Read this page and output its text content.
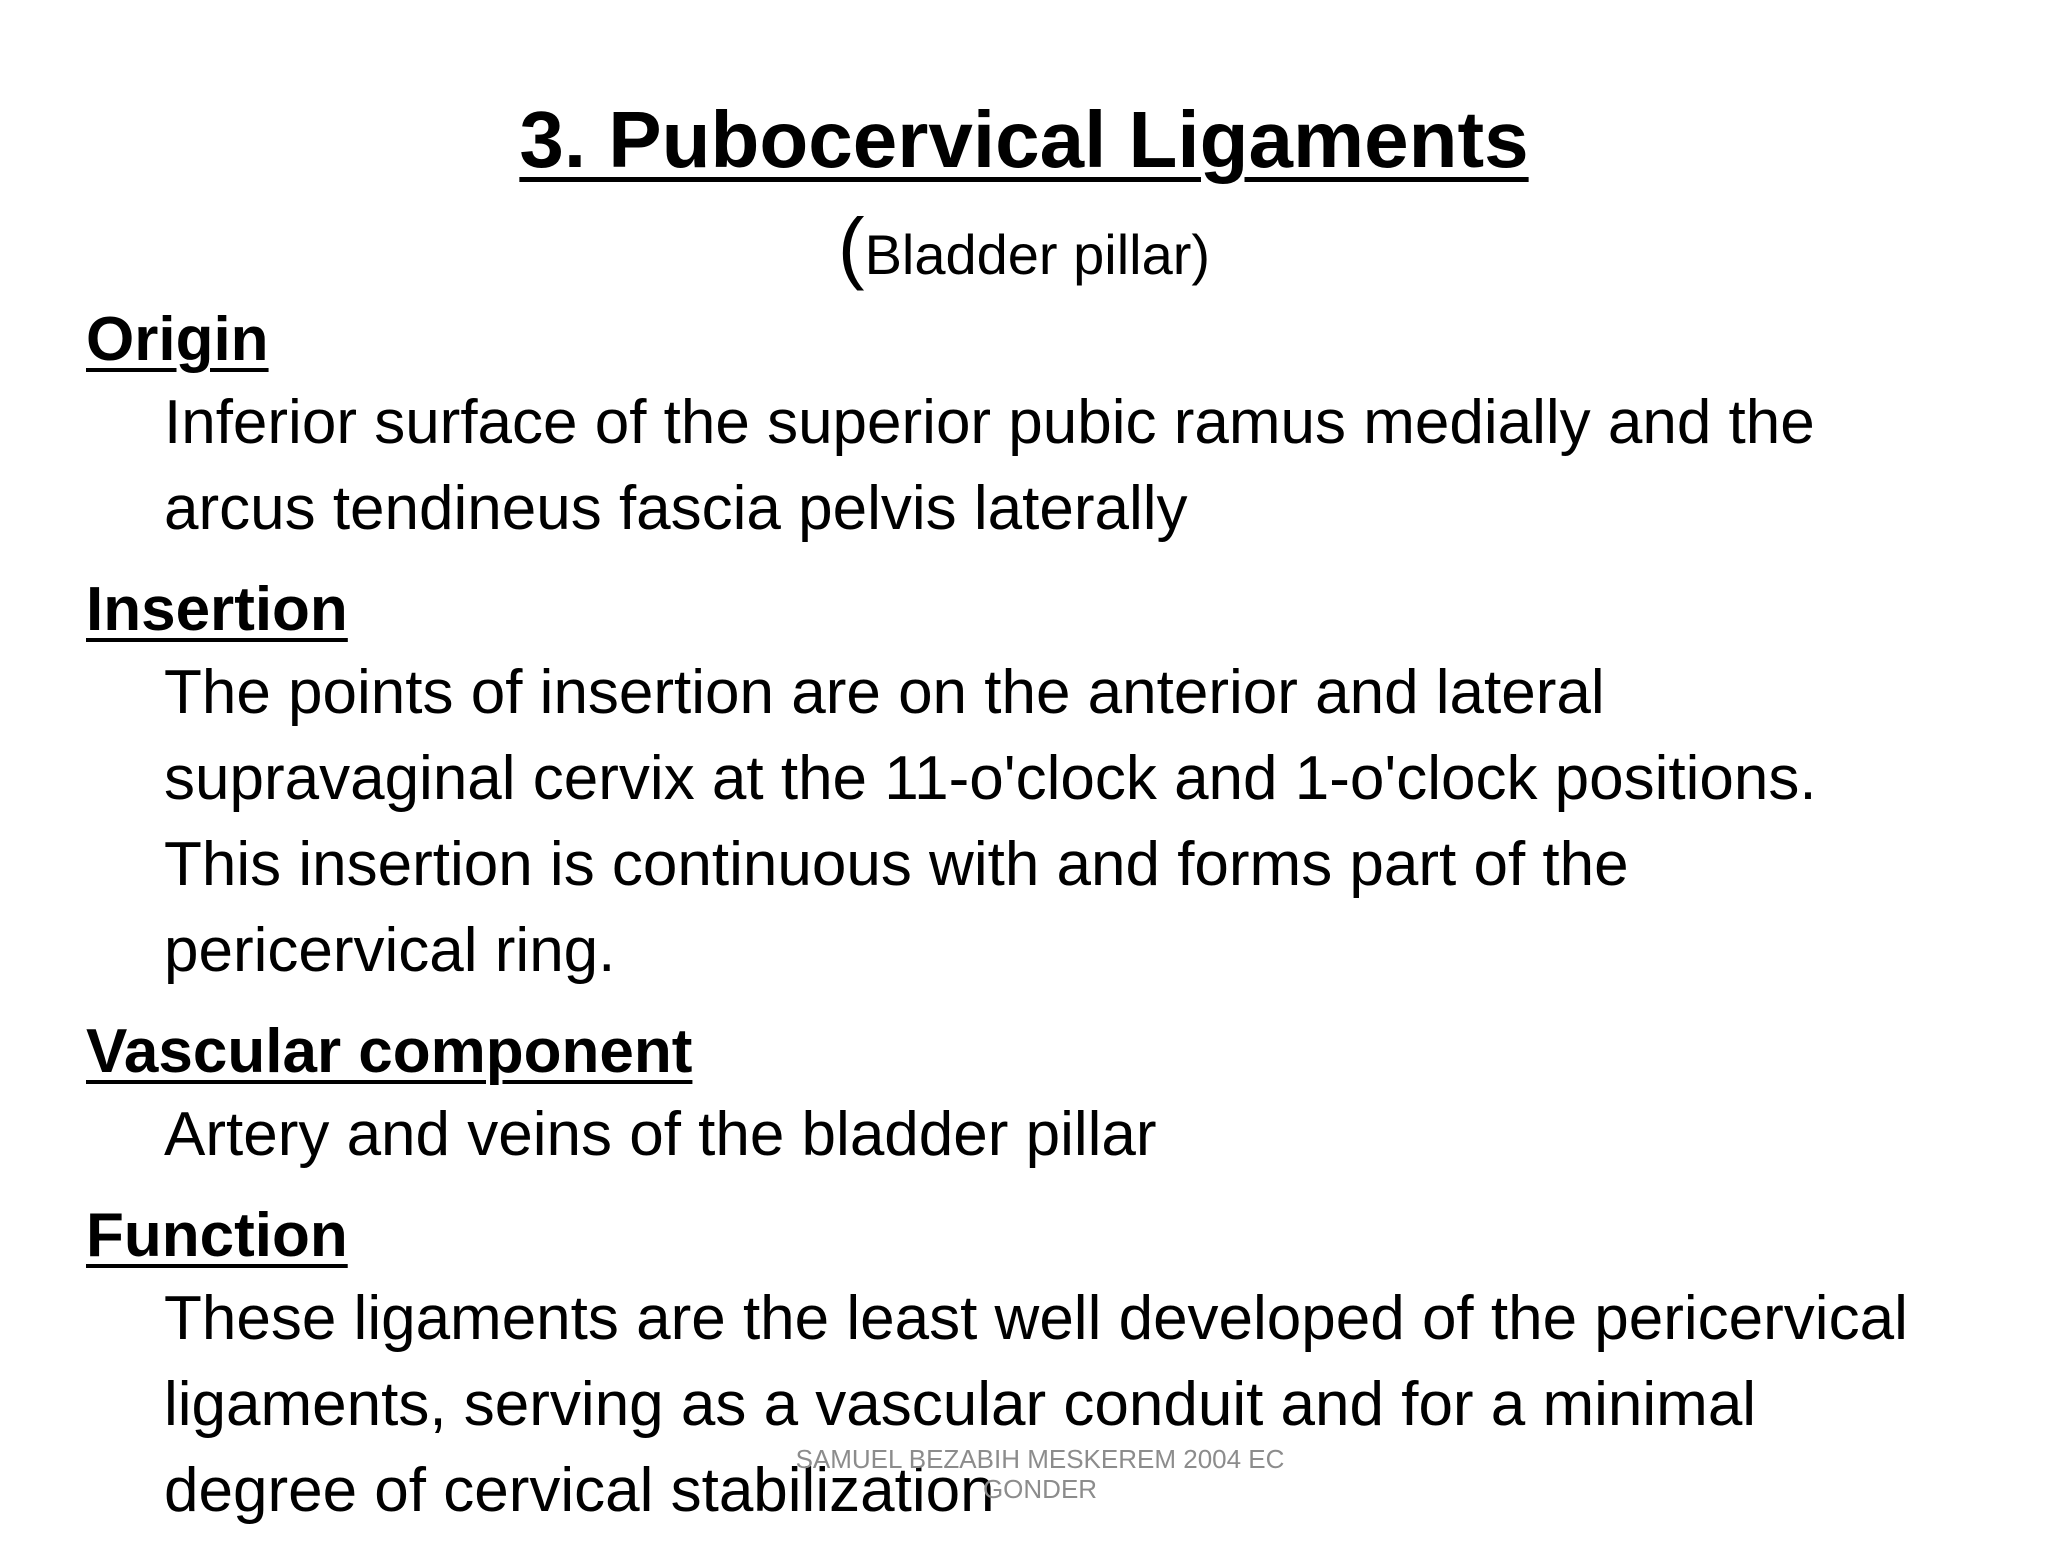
3. Pubocervical Ligaments

(Bladder pillar)

Origin

Inferior surface of the superior pubic ramus medially and the arcus tendineus fascia pelvis laterally

Insertion

The points of insertion are on the anterior and lateral supravaginal cervix at the 11-o'clock and 1-o'clock positions. This insertion is continuous with and forms part of the pericervical ring.

Vascular component

Artery and veins of the bladder pillar

Function

These ligaments are the least well developed of the pericervical ligaments, serving as a vascular conduit and for a minimal degree of cervical stabilization

SAMUEL BEZABIH MESKEREM 2004 EC GONDER
